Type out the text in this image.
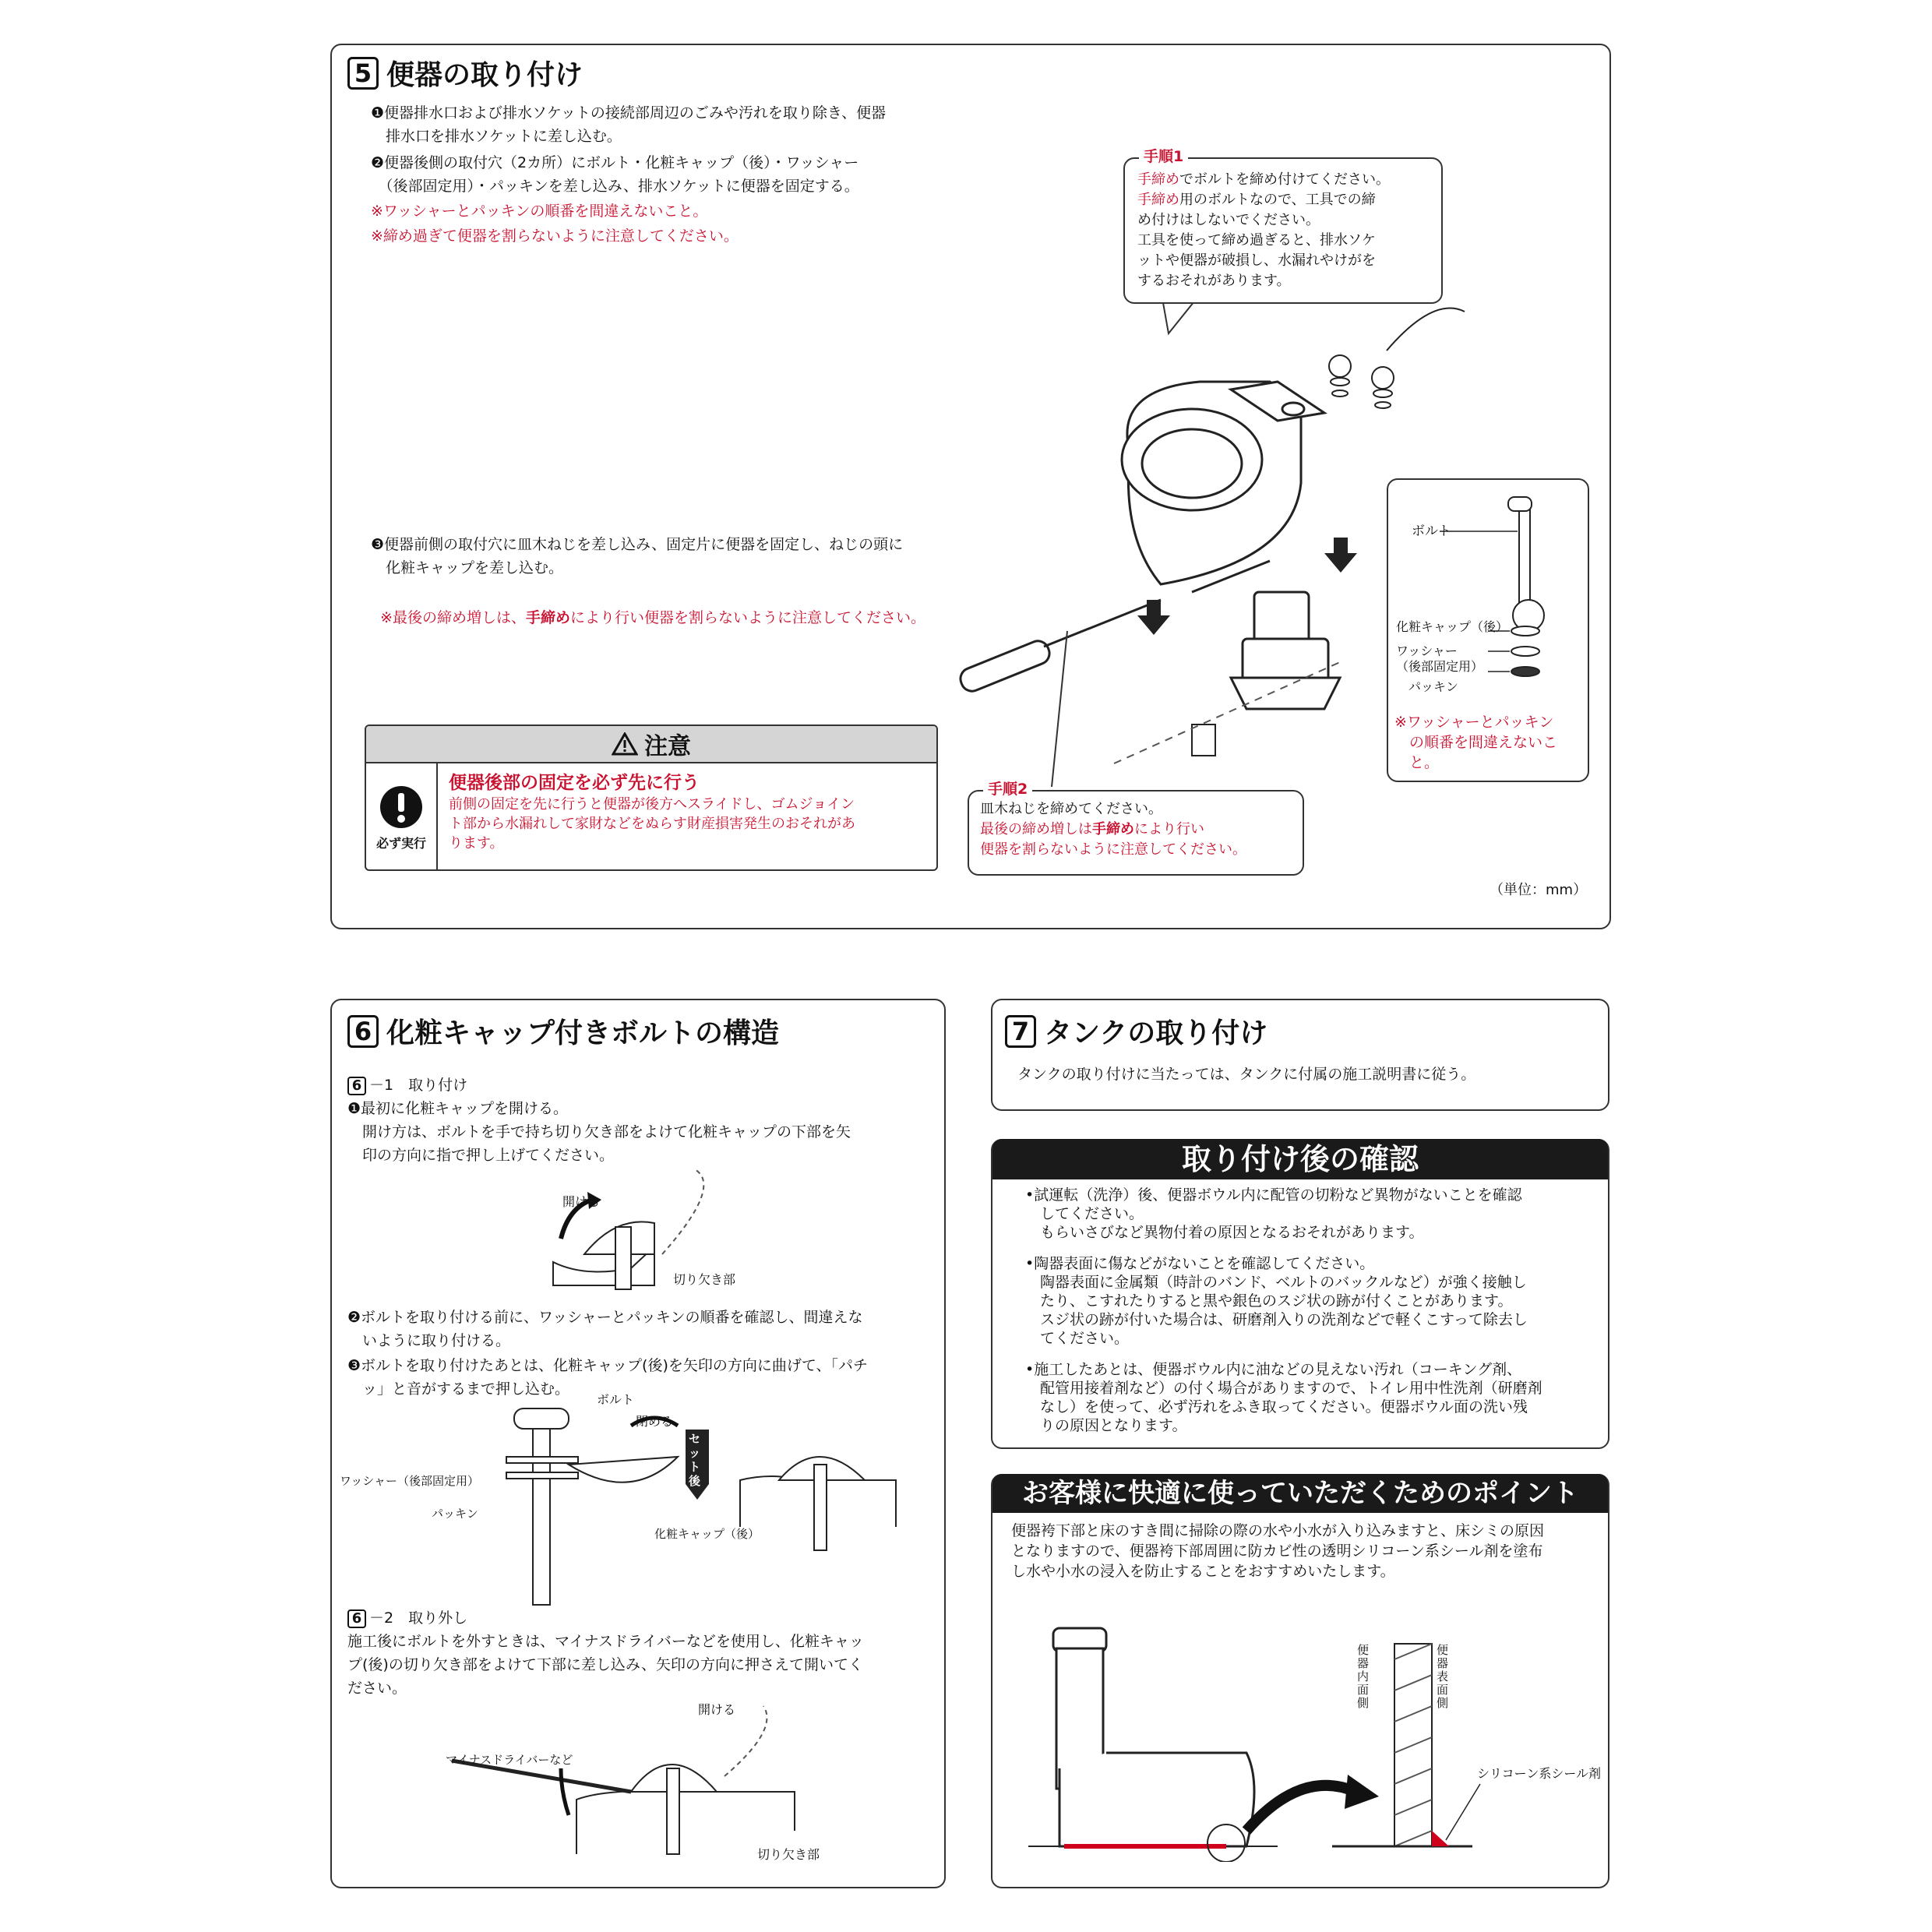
5 便器の取り付け
❶便器排水口および排水ソケットの接続部周辺のごみや汚れを取り除き、便器
　排水口を排水ソケットに差し込む。
❷便器後側の取付穴（2カ所）にボルト・化粧キャップ（後）・ワッシャー
　（後部固定用）・パッキンを差し込み、排水ソケットに便器を固定する。
※ワッシャーとパッキンの順番を間違えないこと。
※締め過ぎて便器を割らないように注意してください。
❸便器前側の取付穴に皿木ねじを差し込み、固定片に便器を固定し、ねじの頭に
　化粧キャップを差し込む。

※最後の締め増しは、手締めにより行い便器を割らないように注意してください。

手順1
手締めでボルトを締め付けてください。
手締め用のボルトなので、工具での締
め付けはしないでください。
工具を使って締め過ぎると、排水ソケ
ットや便器が破損し、水漏れやけがを
するおそれがあります。
ボルト
化粧キャップ（後）
ワッシャー
（後部固定用）
パッキン
※ワッシャーとパッキン
　の順番を間違えないこ
　と。
注意
必ず実行
便器後部の固定を必ず先に行う
前側の固定を先に行うと便器が後方へスライドし、ゴムジョイン
ト部から水漏れして家財などをぬらす財産損害発生のおそれがあ
ります。
手順2
皿木ねじを締めてください。
最後の締め増しは手締めにより行い
便器を割らないように注意してください。
（単位：mm）
6 化粧キャップ付きボルトの構造
6 －1　取り付け
❶最初に化粧キャップを開ける。
　開け方は、ボルトを手で持ち切り欠き部をよけて化粧キャップの下部を矢
　印の方向に指で押し上げてください。
開ける
切り欠き部
❷ボルトを取り付ける前に、ワッシャーとパッキンの順番を確認し、間違えな
　いように取り付ける。
❸ボルトを取り付けたあとは、化粧キャップ(後)を矢印の方向に曲げて、「パチ
　ッ」と音がするまで押し込む。
ボルト
閉める
セット後
ワッシャー（後部固定用）
パッキン
化粧キャップ（後）
6 －2　取り外し
施工後にボルトを外すときは、マイナスドライバーなどを使用し、化粧キャッ
プ(後)の切り欠き部をよけて下部に差し込み、矢印の方向に押さえて開いてく
ださい。
開ける
マイナスドライバーなど
切り欠き部
7 タンクの取り付け
タンクの取り付けに当たっては、タンクに付属の施工説明書に従う。
取り付け後の確認
•試運転（洗浄）後、便器ボウル内に配管の切粉など異物がないことを確認
　してください。
　もらいさびなど異物付着の原因となるおそれがあります。
•陶器表面に傷などがないことを確認してください。
　陶器表面に金属類（時計のバンド、ベルトのバックルなど）が強く接触し
　たり、こすれたりすると黒や銀色のスジ状の跡が付くことがあります。
　スジ状の跡が付いた場合は、研磨剤入りの洗剤などで軽くこすって除去し
　てください。
•施工したあとは、便器ボウル内に油などの見えない汚れ（コーキング剤、
　配管用接着剤など）の付く場合がありますので、トイレ用中性洗剤（研磨剤
　なし）を使って、必ず汚れをふき取ってください。便器ボウル面の洗い残
　りの原因となります。
お客様に快適に使っていただくためのポイント
便器袴下部と床のすき間に掃除の際の水や小水が入り込みますと、床シミの原因
となりますので、便器袴下部周囲に防カビ性の透明シリコーン系シール剤を塗布
し水や小水の浸入を防止することをおすすめいたします。
便器内面側
便器表面側
シリコーン系シール剤
